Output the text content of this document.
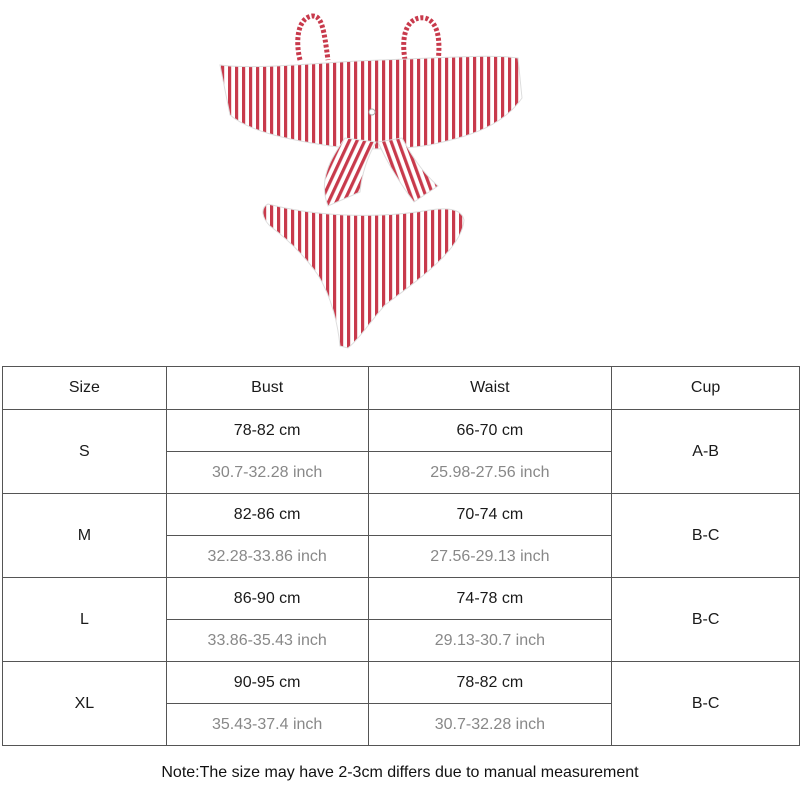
Size	Bust	Waist	Cup
S	78-82 cm	66-70 cm	A-B
	30.7-32.28 inch	25.98-27.56 inch	
M	82-86 cm	70-74 cm	B-C
	32.28-33.86 inch	27.56-29.13 inch	
L	86-90 cm	74-78 cm	B-C
	33.86-35.43 inch	29.13-30.7 inch	
XL	90-95 cm	78-82 cm	B-C
	35.43-37.4 inch	30.7-32.28 inch	
Note:The size may have 2-3cm differs due to manual measurement
